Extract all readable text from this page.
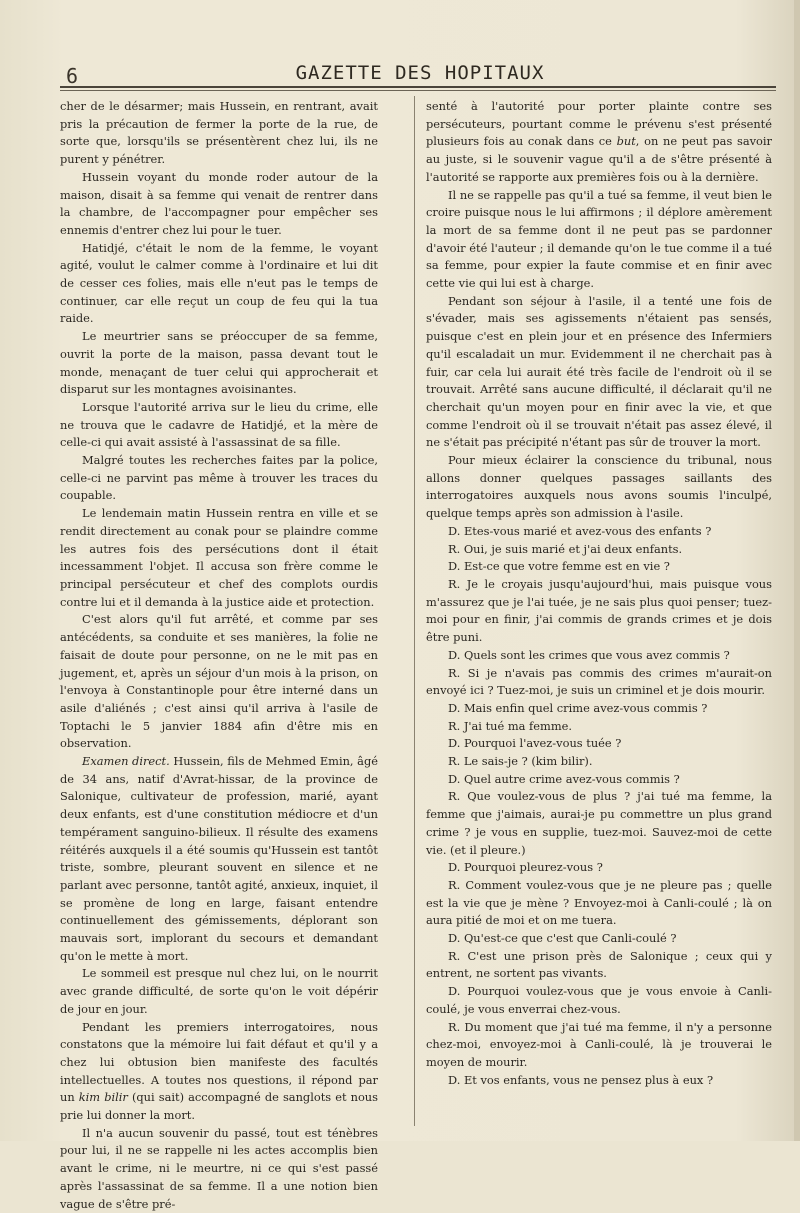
6	GAZETTE DES HOPITAUX

cher de le désarmer; mais Hussein, en rentrant, avait pris la précaution de fermer la porte de la rue, de sorte que, lorsqu'ils se présentèrent chez lui, ils ne purent y pénétrer.

Hussein voyant du monde roder autour de la maison, disait à sa femme qui venait de rentrer dans la chambre, de l'accompagner pour empêcher ses ennemis d'entrer chez lui pour le tuer.

Hatidjé, c'était le nom de la femme, le voyant agité, voulut le calmer comme à l'ordinaire et lui dit de cesser ces folies, mais elle n'eut pas le temps de continuer, car elle reçut un coup de feu qui la tua raide.

Le meurtrier sans se préoccuper de sa femme, ouvrit la porte de la maison, passa devant tout le monde, menaçant de tuer celui qui approcherait et disparut sur les montagnes avoisinantes.

Lorsque l'autorité arriva sur le lieu du crime, elle ne trouva que le cadavre de Hatidjé, et la mère de celle-ci qui avait assisté à l'assassinat de sa fille.

Malgré toutes les recherches faites par la police, celle-ci ne parvint pas même à trouver les traces du coupable.

Le lendemain matin Hussein rentra en ville et se rendit directement au conak pour se plaindre comme les autres fois des persécutions dont il était incessamment l'objet. Il accusa son frère comme le principal persécuteur et chef des complots ourdis contre lui et il demanda à la justice aide et protection.

C'est alors qu'il fut arrêté, et comme par ses antécédents, sa conduite et ses manières, la folie ne faisait de doute pour personne, on ne le mit pas en jugement, et, après un séjour d'un mois à la prison, on l'envoya à Constantinople pour être interné dans un asile d'aliénés ; c'est ainsi qu'il arriva à l'asile de Toptachi le 5 janvier 1884 afin d'être mis en observation.

Examen direct. Hussein, fils de Mehmed Emin, âgé de 34 ans, natif d'Avrat-hissar, de la province de Salonique, cultivateur de profession, marié, ayant deux enfants, est d'une constitution médiocre et d'un tempérament sanguino-bilieux. Il résulte des examens réitérés auxquels il a été soumis qu'Hussein est tantôt triste, sombre, pleurant souvent en silence et ne parlant avec personne, tantôt agité, anxieux, inquiet, il se promène de long en large, faisant entendre continuellement des gémissements, déplorant son mauvais sort, implorant du secours et demandant qu'on le mette à mort.

Le sommeil est presque nul chez lui, on le nourrit avec grande difficulté, de sorte qu'on le voit dépérir de jour en jour.

Pendant les premiers interrogatoires, nous constatons que la mémoire lui fait défaut et qu'il y a chez lui obtusion bien manifeste des facultés intellectuelles. A toutes nos questions, il répond par un kim bilir (qui sait) accompagné de sanglots et nous prie lui donner la mort.

Il n'a aucun souvenir du passé, tout est ténèbres pour lui, il ne se rappelle ni les actes accomplis bien avant le crime, ni le meurtre, ni ce qui s'est passé après l'assassinat de sa femme. Il a une notion bien vague de s'être pré-

senté à l'autorité pour porter plainte contre ses persécuteurs, pourtant comme le prévenu s'est présenté plusieurs fois au conak dans ce but, on ne peut pas savoir au juste, si le souvenir vague qu'il a de s'être présenté à l'autorité se rapporte aux premières fois ou à la dernière.

Il ne se rappelle pas qu'il a tué sa femme, il veut bien le croire puisque nous le lui affirmons ; il déplore amèrement la mort de sa femme dont il ne peut pas se pardonner d'avoir été l'auteur ; il demande qu'on le tue comme il a tué sa femme, pour expier la faute commise et en finir avec cette vie qui lui est à charge.

Pendant son séjour à l'asile, il a tenté une fois de s'évader, mais ses agissements n'étaient pas sensés, puisque c'est en plein jour et en présence des Infermiers qu'il escaladait un mur. Evidemment il ne cherchait pas à fuir, car cela lui aurait été très facile de l'endroit où il se trouvait. Arrêté sans aucune difficulté, il déclarait qu'il ne cherchait qu'un moyen pour en finir avec la vie, et que comme l'endroit où il se trouvait n'était pas assez élevé, il ne s'était pas précipité n'étant pas sûr de trouver la mort.

Pour mieux éclairer la conscience du tribunal, nous allons donner quelques passages saillants des interrogatoires auxquels nous avons soumis l'inculpé, quelque temps après son admission à l'asile.

D. Etes-vous marié et avez-vous des enfants ?

R. Oui, je suis marié et j'ai deux enfants.

D. Est-ce que votre femme est en vie ?

R. Je le croyais jusqu'aujourd'hui, mais puisque vous m'assurez que je l'ai tuée, je ne sais plus quoi penser; tuez-moi pour en finir, j'ai commis de grands crimes et je dois être puni.

D. Quels sont les crimes que vous avez commis ?

R. Si je n'avais pas commis des crimes m'aurait-on envoyé ici ? Tuez-moi, je suis un criminel et je dois mourir.

D. Mais enfin quel crime avez-vous commis ?

R. J'ai tué ma femme.

D. Pourquoi l'avez-vous tuée ?

R. Le sais-je ? (kim bilir).

D. Quel autre crime avez-vous commis ?

R. Que voulez-vous de plus ? j'ai tué ma femme, la femme que j'aimais, aurai-je pu commettre un plus grand crime ? je vous en supplie, tuez-moi. Sauvez-moi de cette vie. (et il pleure.)

D. Pourquoi pleurez-vous ?

R. Comment voulez-vous que je ne pleure pas ; quelle est la vie que je mène ? Envoyez-moi à Canli-coulé ; là on aura pitié de moi et on me tuera.

D. Qu'est-ce que c'est que Canli-coulé ?

R. C'est une prison près de Salonique ; ceux qui y entrent, ne sortent pas vivants.

D. Pourquoi voulez-vous que je vous envoie à Canli-coulé, je vous enverrai chez-vous.

R. Du moment que j'ai tué ma femme, il n'y a personne chez-moi, envoyez-moi à Canli-coulé, là je trouverai le moyen de mourir.

D. Et vos enfants, vous ne pensez plus à eux ?
